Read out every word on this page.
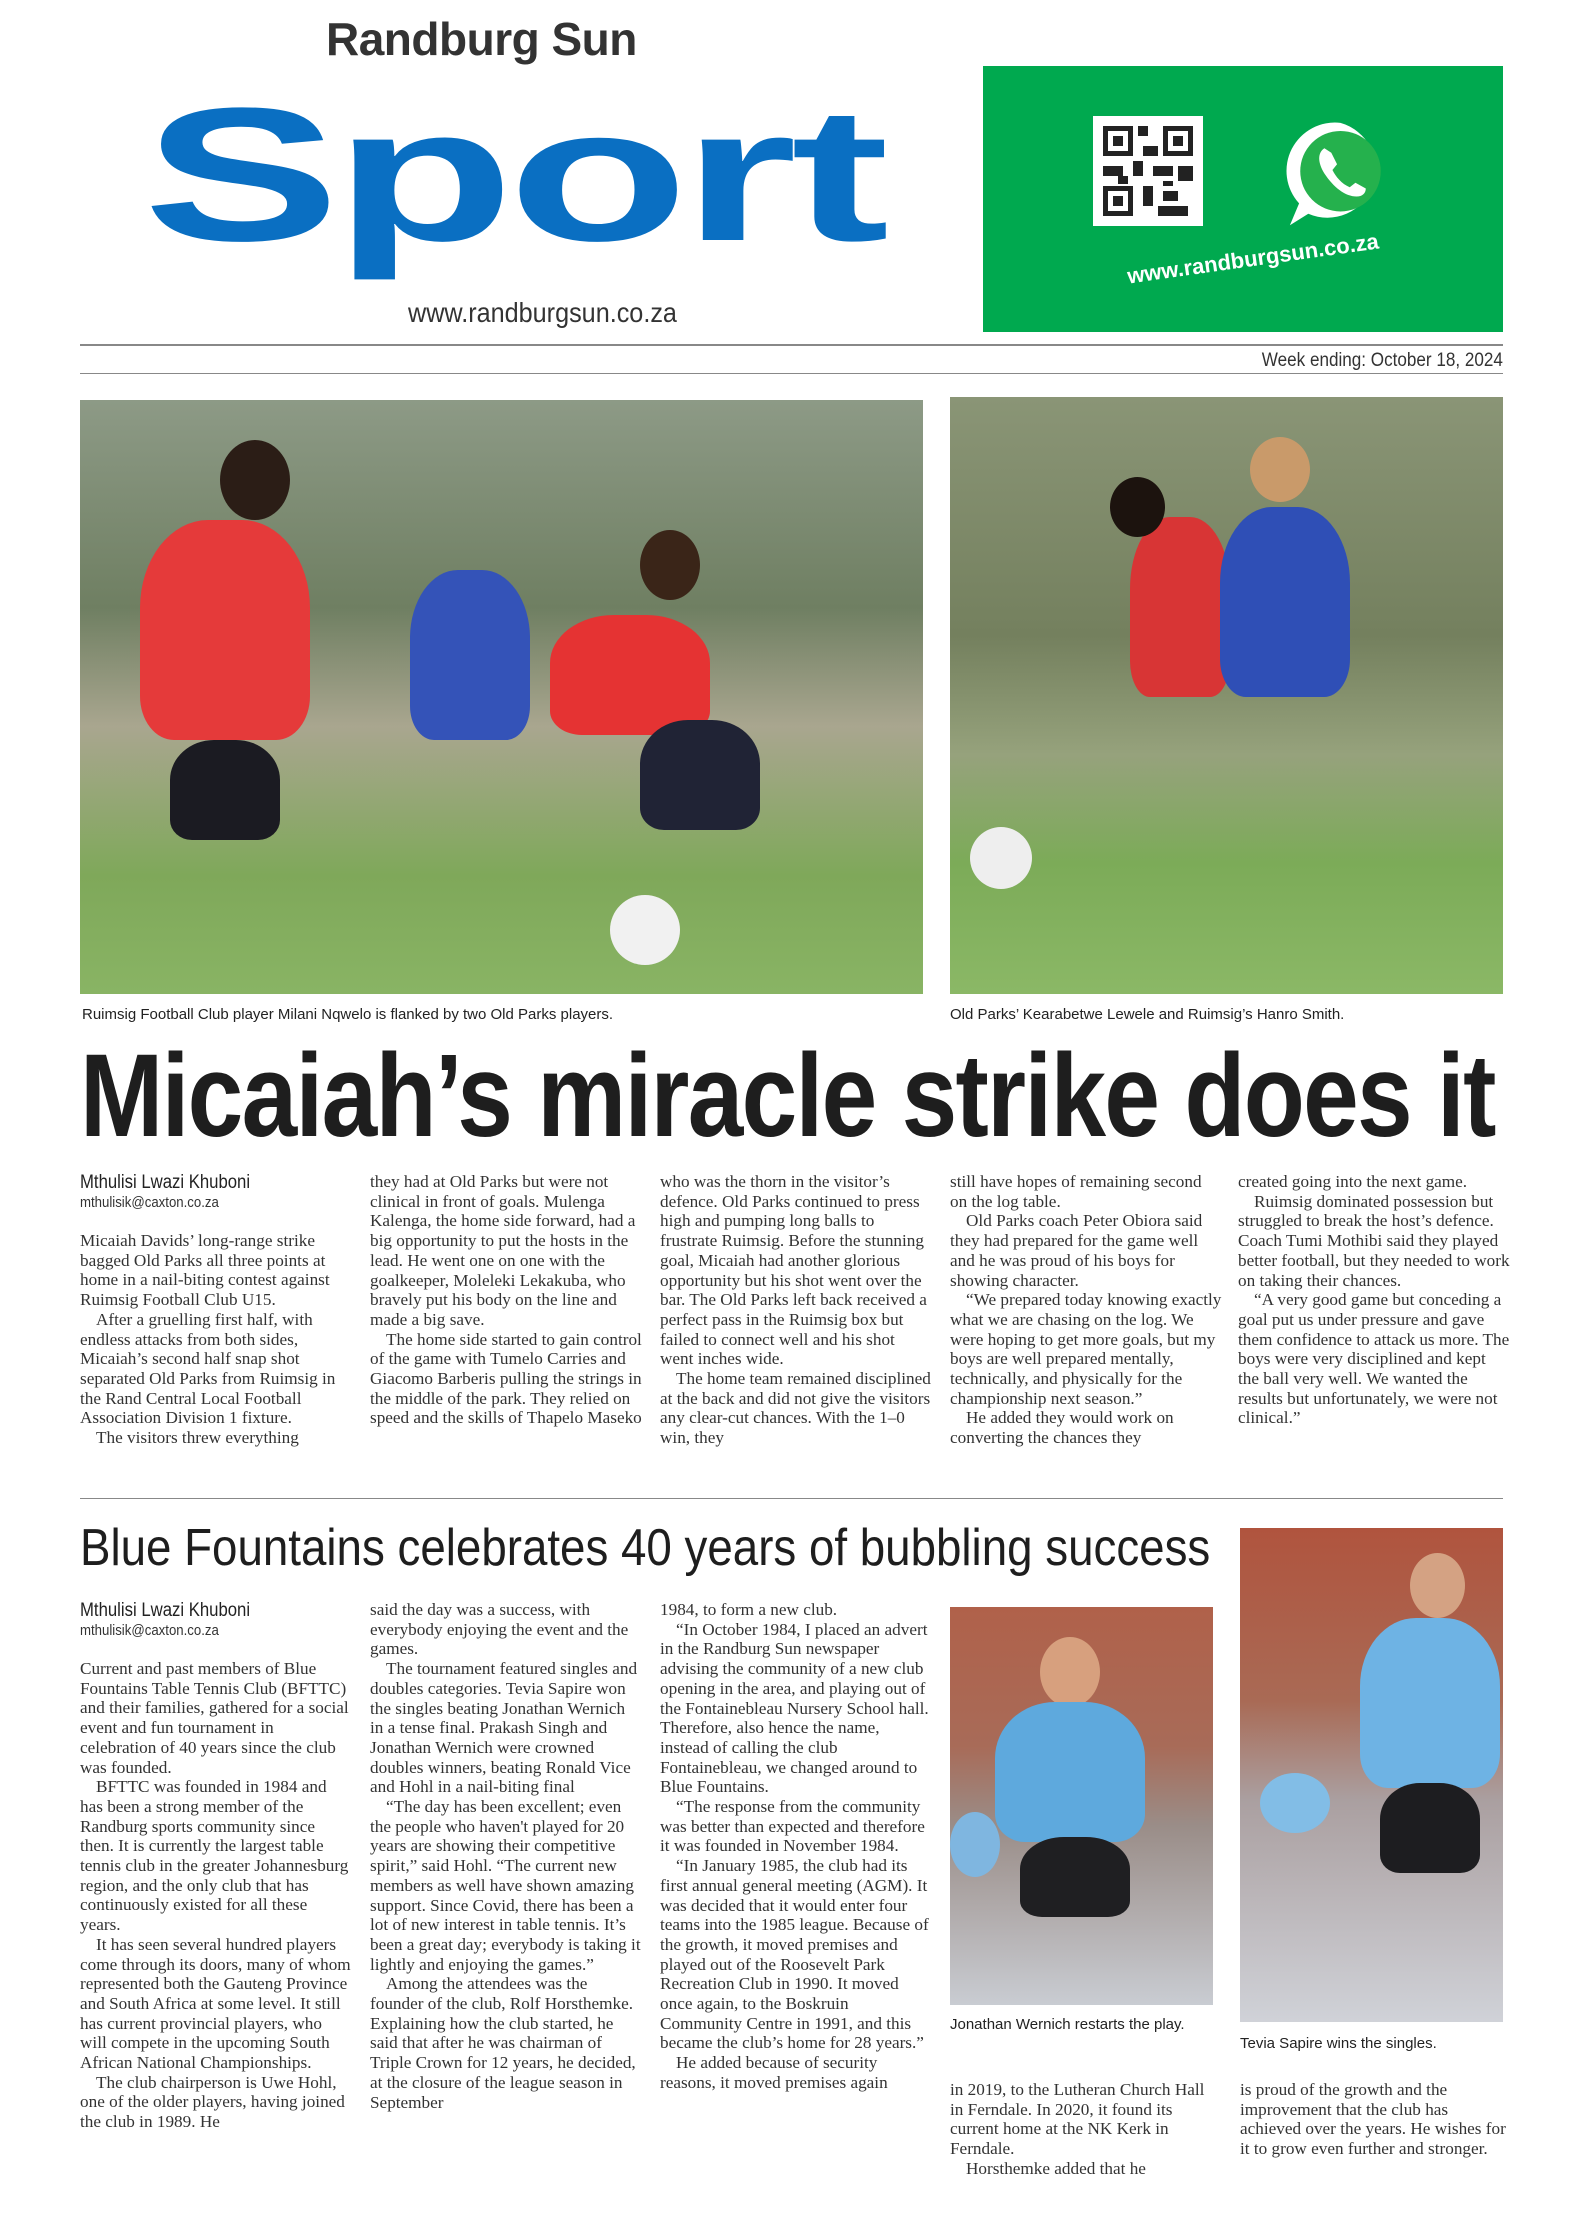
Randburg Sun
Sport
www.randburgsun.co.za
www.randburgsun.co.za
Week ending: October 18, 2024
Ruimsig Football Club player Milani Nqwelo is flanked by two Old Parks players.	Old Parks’ Kearabetwe Lewele and Ruimsig’s Hanro Smith.
Micaiah’s miracle strike does it
Mthulisi Lwazi Khuboni
mthulisik@caxton.co.za

Micaiah Davids’ long-range strike bagged Old Parks all three points at home in a nail-biting contest against Ruimsig Football Club U15.

After a gruelling first half, with endless attacks from both sides, Micaiah’s second half snap shot separated Old Parks from Ruimsig in the Rand Central Local Football Association Division 1 fixture.

The visitors threw everything

they had at Old Parks but were not clinical in front of goals. Mulenga Kalenga, the home side forward, had a big opportunity to put the hosts in the lead. He went one on one with the goalkeeper, Moleleki Lekakuba, who bravely put his body on the line and made a big save.

The home side started to gain control of the game with Tumelo Carries and Giacomo Barberis pulling the strings in the middle of the park. They relied on speed and the skills of Thapelo Maseko

who was the thorn in the visitor’s defence. Old Parks continued to press high and pumping long balls to frustrate Ruimsig. Before the stunning goal, Micaiah had another glorious opportunity but his shot went over the bar. The Old Parks left back received a perfect pass in the Ruimsig box but failed to connect well and his shot went inches wide.

The home team remained disciplined at the back and did not give the visitors any clear-cut chances. With the 1–0 win, they

still have hopes of remaining second on the log table.

Old Parks coach Peter Obiora said they had prepared for the game well and he was proud of his boys for showing character.

“We prepared today knowing exactly what we are chasing on the log. We were hoping to get more goals, but my boys are well prepared mentally, technically, and physically for the championship next season.”

He added they would work on converting the chances they

created going into the next game.

Ruimsig dominated possession but struggled to break the host’s defence. Coach Tumi Mothibi said they played better football, but they needed to work on taking their chances.

“A very good game but conceding a goal put us under pressure and gave them confidence to attack us more. The boys were very disciplined and kept the ball very well. We wanted the results but unfortunately, we were not clinical.”

Blue Fountains celebrates 40 years of bubbling success
Mthulisi Lwazi Khuboni
mthulisik@caxton.co.za

Current and past members of Blue Fountains Table Tennis Club (BFTTC) and their families, gathered for a social event and fun tournament in celebration of 40 years since the club was founded.

BFTTC was founded in 1984 and has been a strong member of the Randburg sports community since then. It is currently the largest table tennis club in the greater Johannesburg region, and the only club that has continuously existed for all these years.

It has seen several hundred players come through its doors, many of whom represented both the Gauteng Province and South Africa at some level. It still has current provincial players, who will compete in the upcoming South African National Championships.

The club chairperson is Uwe Hohl, one of the older players, having joined the club in 1989. He

said the day was a success, with everybody enjoying the event and the games.

The tournament featured singles and doubles categories. Tevia Sapire won the singles beating Jonathan Wernich in a tense final. Prakash Singh and Jonathan Wernich were crowned doubles winners, beating Ronald Vice and Hohl in a nail-biting final

“The day has been excellent; even the people who haven't played for 20 years are showing their competitive spirit,” said Hohl. “The current new members as well have shown amazing support. Since Covid, there has been a lot of new interest in table tennis. It’s been a great day; everybody is taking it lightly and enjoying the games.”

Among the attendees was the founder of the club, Rolf Horsthemke. Explaining how the club started, he said that after he was chairman of Triple Crown for 12 years, he decided, at the closure of the league season in September

1984, to form a new club.

“In October 1984, I placed an advert in the Randburg Sun newspaper advising the community of a new club opening in the area, and playing out of the Fontainebleau Nursery School hall. Therefore, also hence the name, instead of calling the club Fontainebleau, we changed around to Blue Fountains.

“The response from the community was better than expected and therefore it was founded in November 1984.

“In January 1985, the club had its first annual general meeting (AGM). It was decided that it would enter four teams into the 1985 league. Because of the growth, it moved premises and played out of the Roosevelt Park Recreation Club in 1990. It moved once again, to the Boskruin Community Centre in 1991, and this became the club’s home for 28 years.”

He added because of security reasons, it moved premises again

Jonathan Wernich restarts the play.

in 2019, to the Lutheran Church Hall in Ferndale. In 2020, it found its current home at the NK Kerk in Ferndale.

Horsthemke added that he

Tevia Sapire wins the singles.

is proud of the growth and the improvement that the club has achieved over the years. He wishes for it to grow even further and stronger.
